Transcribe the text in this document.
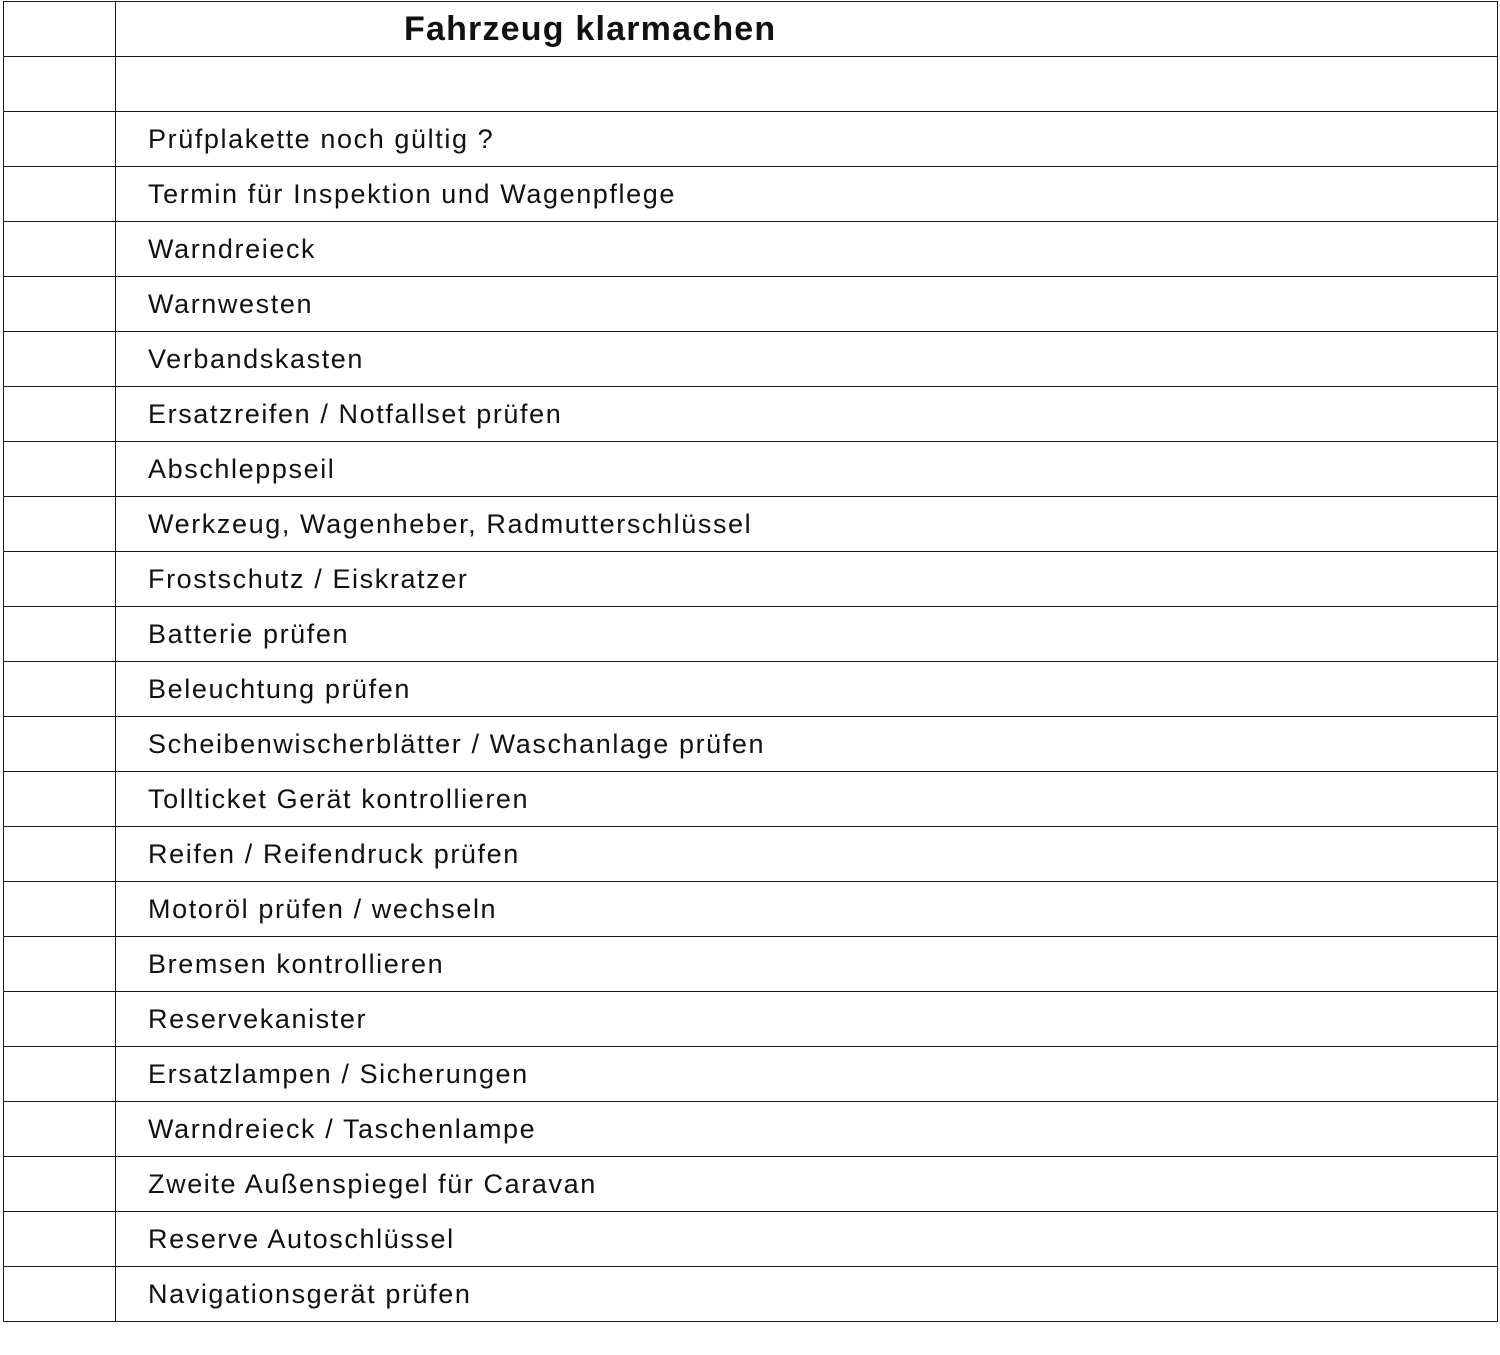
	Fahrzeug klarmachen

	Prüfplakette noch gültig ?
	Termin für Inspektion und Wagenpflege
	Warndreieck
	Warnwesten
	Verbandskasten
	Ersatzreifen / Notfallset prüfen
	Abschleppseil
	Werkzeug, Wagenheber, Radmutterschlüssel
	Frostschutz / Eiskratzer
	Batterie prüfen
	Beleuchtung prüfen
	Scheibenwischerblätter / Waschanlage prüfen
	Tollticket Gerät kontrollieren
	Reifen / Reifendruck prüfen
	Motoröl prüfen / wechseln
	Bremsen kontrollieren
	Reservekanister
	Ersatzlampen / Sicherungen
	Warndreieck / Taschenlampe
	Zweite Außenspiegel für Caravan
	Reserve Autoschlüssel
	Navigationsgerät prüfen
